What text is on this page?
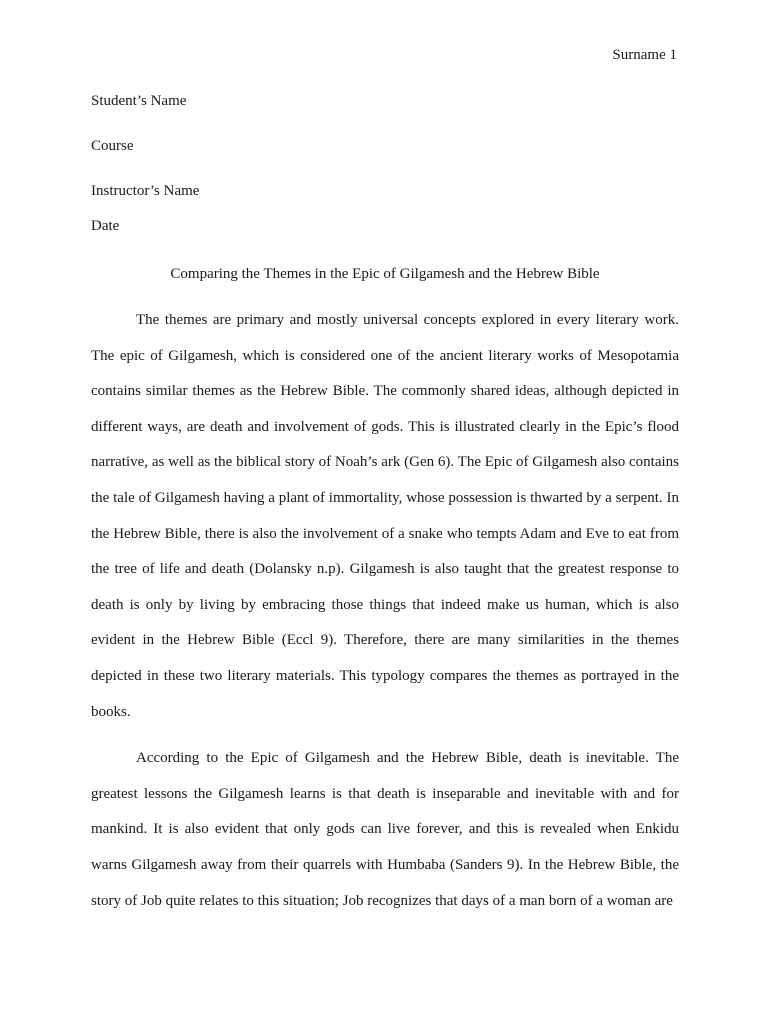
Surname 1
Student’s Name
Course
Instructor’s Name
Date
Comparing the Themes in the Epic of Gilgamesh and the Hebrew Bible

The themes are primary and mostly universal concepts explored in every literary work. The epic of Gilgamesh, which is considered one of the ancient literary works of Mesopotamia contains similar themes as the Hebrew Bible. The commonly shared ideas, although depicted in different ways, are death and involvement of gods. This is illustrated clearly in the Epic’s flood narrative, as well as the biblical story of Noah’s ark (Gen 6). The Epic of Gilgamesh also contains the tale of Gilgamesh having a plant of immortality, whose possession is thwarted by a serpent. In the Hebrew Bible, there is also the involvement of a snake who tempts Adam and Eve to eat from the tree of life and death (Dolansky n.p). Gilgamesh is also taught that the greatest response to death is only by living by embracing those things that indeed make us human, which is also evident in the Hebrew Bible (Eccl 9). Therefore, there are many similarities in the themes depicted in these two literary materials. This typology compares the themes as portrayed in the books.

According to the Epic of Gilgamesh and the Hebrew Bible, death is inevitable. The greatest lessons the Gilgamesh learns is that death is inseparable and inevitable with and for mankind. It is also evident that only gods can live forever, and this is revealed when Enkidu warns Gilgamesh away from their quarrels with Humbaba (Sanders 9). In the Hebrew Bible, the story of Job quite relates to this situation; Job recognizes that days of a man born of a woman are
